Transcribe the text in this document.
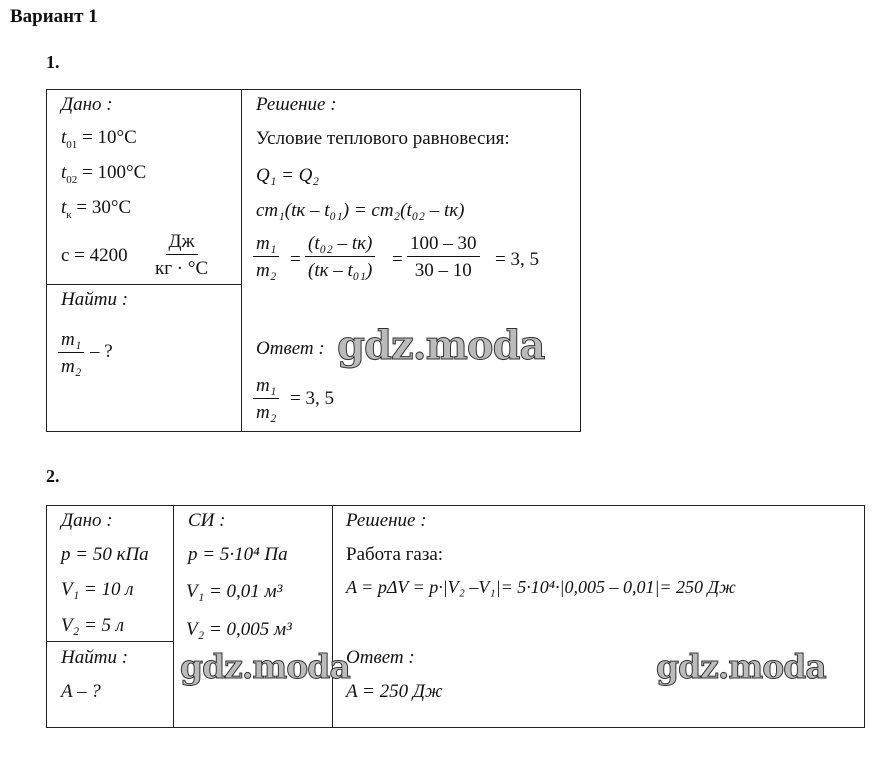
Вариант 1
1.
Дано :
$t_{01} = 10^\circ C$
$t_{02} = 100^\circ C$
$t_к = 30^\circ C$
c = 4200
Дж
кг · °C
Найти :
$\frac{\text{m₁}}{\text{m₂}}$ – ?
Решение :
Условие теплового равновесия:
Q₁ = Q₂
cm₁(tк – t₀₁) = cm₂(t₀₂ – tк)
$\frac{\text{m₁}}{\text{m₂}}$ =
(t₀₂ – tк)
(tк – t₀₁)
= $\frac{100 - 30}{30 - 10} = 3$, 5
Ответ :
$\frac{\text{m₁}}{\text{m₂}} = 3$, 5
gdz.moda
2.
Дано :
p = 50 кПа
V₁ = 10 л
V₂ = 5 л
Найти :
A – ?
СИ :
p = 5·10⁴ Па
V₁ = 0,01 м³
V₂ = 0,005 м³
Решение :
Работа газа:
A = pΔV = p·|V₂ –V₁|= 5·10⁴·|0,005 – 0,01|= 250 Дж
Ответ :
A = 250 Дж
gdz.moda	gdz.moda
